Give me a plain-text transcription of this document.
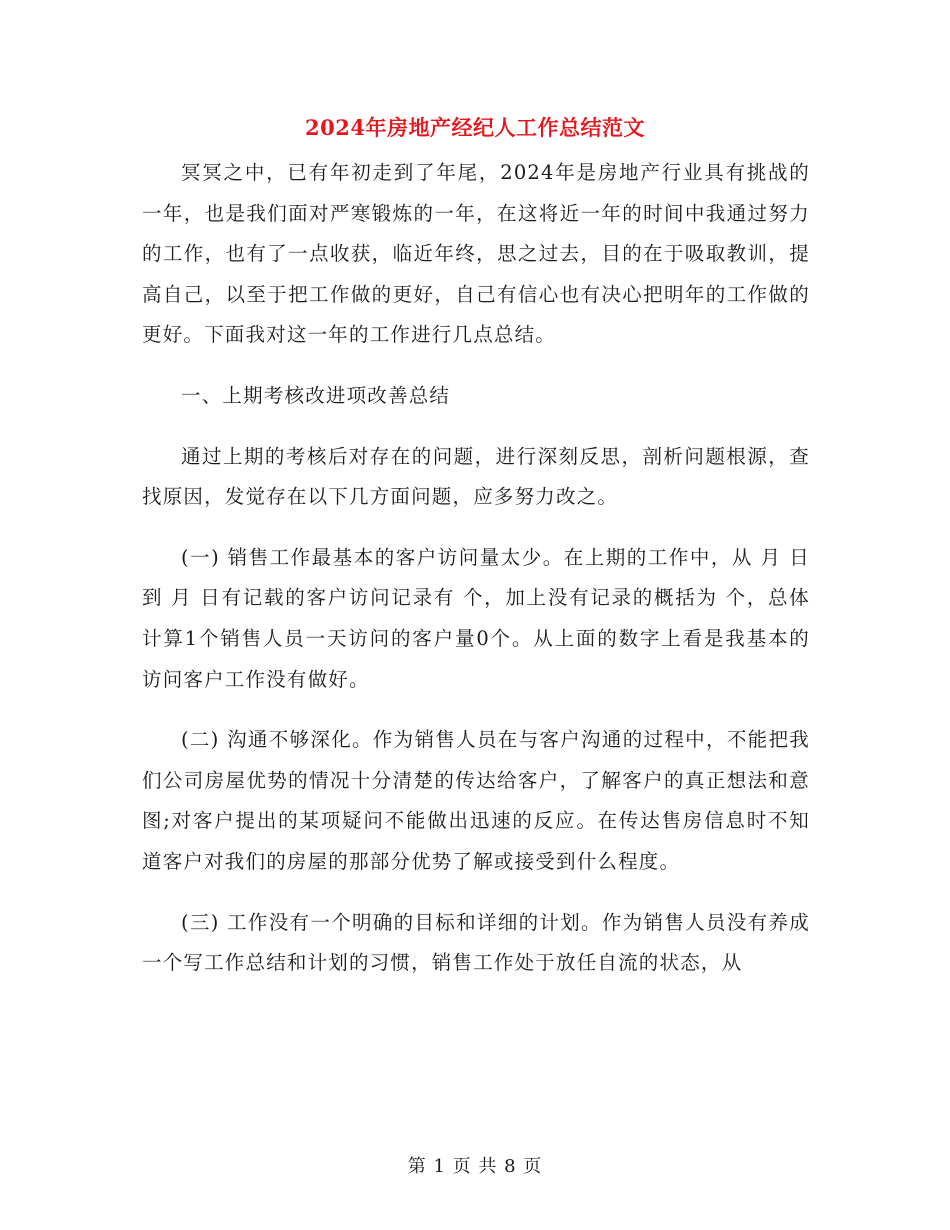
2024年房地产经纪人工作总结范文

冥冥之中，已有年初走到了年尾，2024年是房地产行业具有挑战的一年，也是我们面对严寒锻炼的一年，在这将近一年的时间中我通过努力的工作，也有了一点收获，临近年终，思之过去，目的在于吸取教训，提高自己，以至于把工作做的更好，自己有信心也有决心把明年的工作做的更好。下面我对这一年的工作进行几点总结。

一、上期考核改进项改善总结

通过上期的考核后对存在的问题，进行深刻反思，剖析问题根源，查找原因，发觉存在以下几方面问题，应多努力改之。

(一) 销售工作最基本的客户访问量太少。在上期的工作中，从 月 日到 月 日有记载的客户访问记录有 个，加上没有记录的概括为 个，总体计算1个销售人员一天访问的客户量0个。从上面的数字上看是我基本的访问客户工作没有做好。

(二) 沟通不够深化。作为销售人员在与客户沟通的过程中，不能把我们公司房屋优势的情况十分清楚的传达给客户，了解客户的真正想法和意图;对客户提出的某项疑问不能做出迅速的反应。在传达售房信息时不知道客户对我们的房屋的那部分优势了解或接受到什么程度。

(三) 工作没有一个明确的目标和详细的计划。作为销售人员没有养成一个写工作总结和计划的习惯，销售工作处于放任自流的状态，从

第 1 页 共 8 页
